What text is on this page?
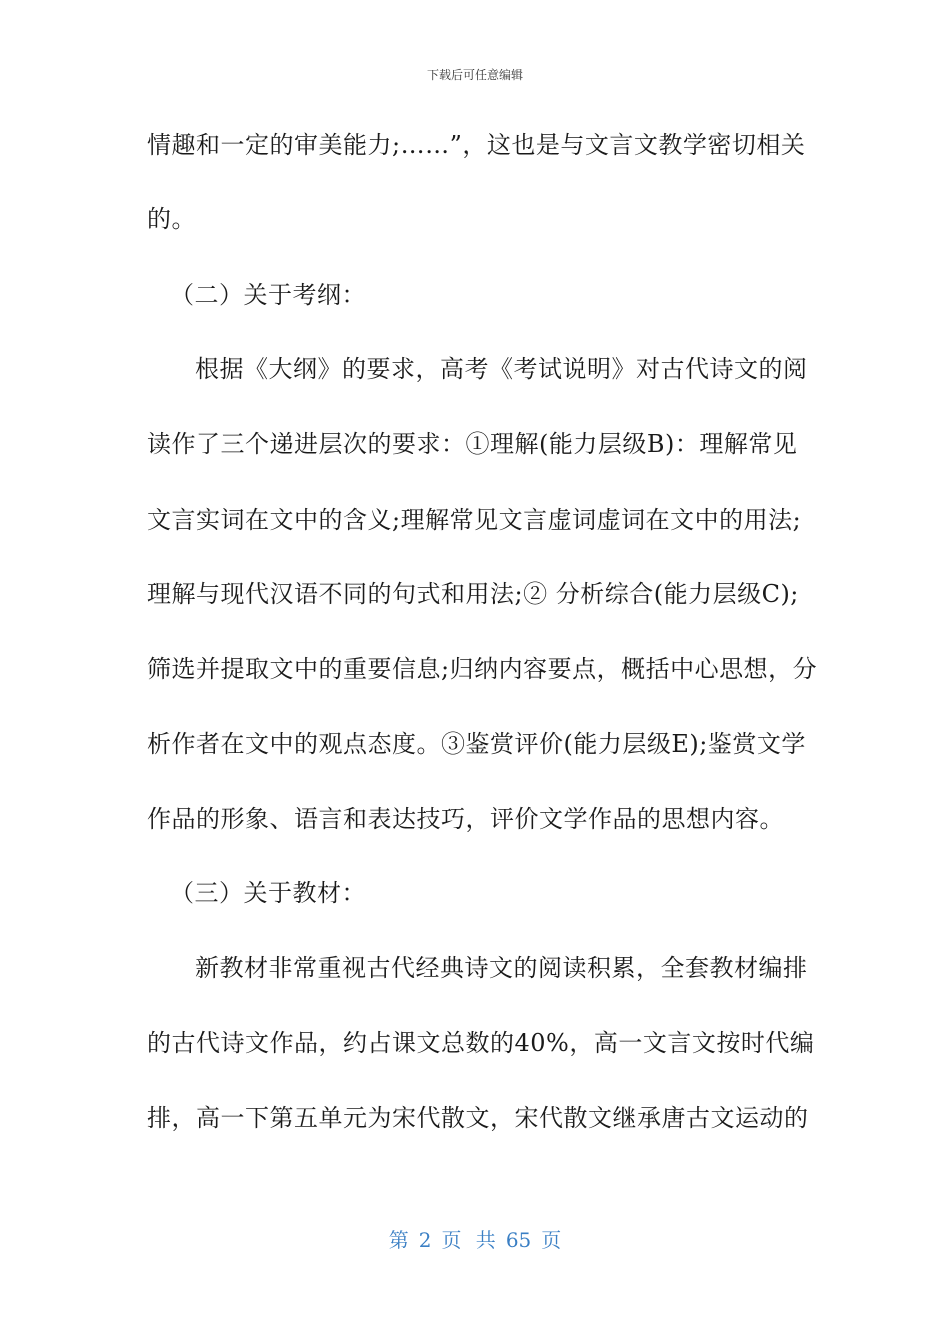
下载后可任意编辑
情趣和一定的审美能力;……”，这也是与文言文教学密切相关
的。
（二）关于考纲：
根据《大纲》的要求，高考《考试说明》对古代诗文的阅
读作了三个递进层次的要求：①理解(能力层级B)：理解常见
文言实词在文中的含义;理解常见文言虚词虚词在文中的用法;
理解与现代汉语不同的句式和用法;② 分析综合(能力层级C);
筛选并提取文中的重要信息;归纳内容要点，概括中心思想，分
析作者在文中的观点态度。③鉴赏评价(能力层级E);鉴赏文学
作品的形象、语言和表达技巧，评价文学作品的思想内容。
（三）关于教材：
新教材非常重视古代经典诗文的阅读积累，全套教材编排
的古代诗文作品，约占课文总数的40%，高一文言文按时代编
排，高一下第五单元为宋代散文，宋代散文继承唐古文运动的
第 2 页 共 65 页
